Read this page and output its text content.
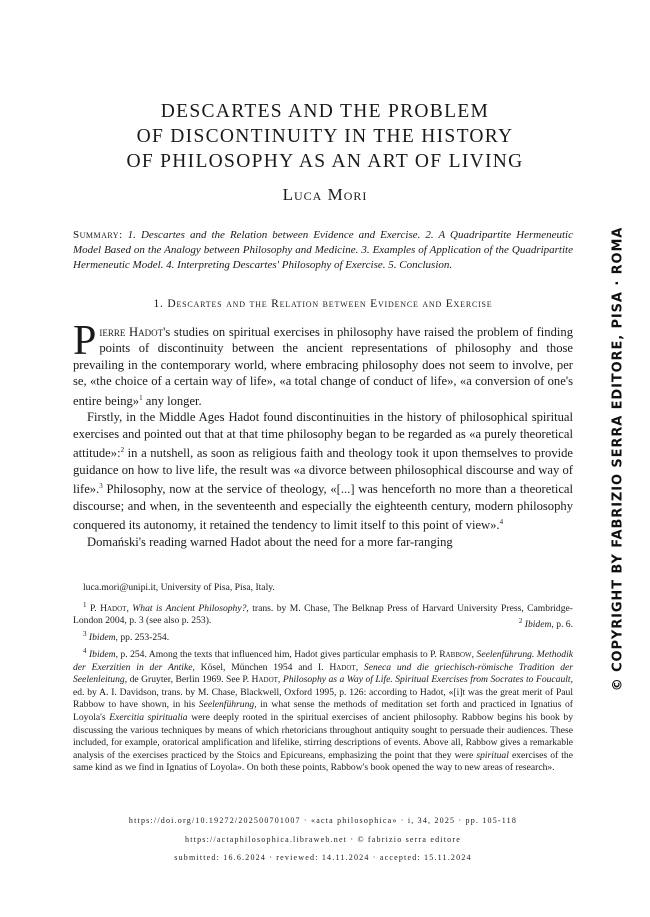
DESCARTES AND THE PROBLEM
OF DISCONTINUITY IN THE HISTORY
OF PHILOSOPHY AS AN ART OF LIVING
Luca Mori
Summary: 1. Descartes and the Relation between Evidence and Exercise. 2. A Quadripartite Hermeneutic Model Based on the Analogy between Philosophy and Medicine. 3. Examples of Application of the Quadripartite Hermeneutic Model. 4. Interpreting Descartes' Philosophy of Exercise. 5. Conclusion.
1. Descartes and the Relation between Evidence and Exercise

Pierre Hadot's studies on spiritual exercises in philosophy have raised the problem of finding points of discontinuity between the ancient representations of philosophy and those prevailing in the contemporary world, where embracing philosophy does not seem to involve, per se, «the choice of a certain way of life», «a total change of conduct of life», «a conversion of one's entire being»$^1$ any longer.

Firstly, in the Middle Ages Hadot found discontinuities in the history of philosophical spiritual exercises and pointed out that at that time philosophy began to be regarded as «a purely theoretical attitude»:$^2$ in a nutshell, as soon as religious faith and theology took it upon themselves to provide guidance on how to live life, the result was «a divorce between philosophical discourse and way of life».$^3$ Philosophy, now at the service of theology, «[...] was henceforth no more than a theoretical discourse; and when, in the seventeenth and especially the eighteenth century, modern philosophy conquered its autonomy, it retained the tendency to limit itself to this point of view».$^4$

Domański's reading warned Hadot about the need for a more far-ranging

luca.mori@unipi.it, University of Pisa, Pisa, Italy.

$^1$ P. Hadot, What is Ancient Philosophy?, trans. by M. Chase, The Belknap Press of Harvard University Press, Cambridge-London 2004, p. 3 (see also p. 253).	$^2$ Ibidem, p. 6.

$^3$ Ibidem, pp. 253-254.

$^4$ Ibidem, p. 254. Among the texts that influenced him, Hadot gives particular emphasis to P. Rabbow, Seelenführung. Methodik der Exerzitien in der Antike, Kösel, München 1954 and I. Hadot, Seneca und die griechisch-römische Tradition der Seelenleitung, de Gruyter, Berlin 1969. See P. Hadot, Philosophy as a Way of Life. Spiritual Exercises from Socrates to Foucault, ed. by A. I. Davidson, trans. by M. Chase, Blackwell, Oxford 1995, p. 126: according to Hadot, «[i]t was the great merit of Paul Rabbow to have shown, in his Seelenführung, in what sense the methods of meditation set forth and practiced in Ignatius of Loyola's Exercitia spiritualia were deeply rooted in the spiritual exercises of ancient philosophy. Rabbow begins his book by discussing the various techniques by means of which rhetoricians throughout antiquity sought to persuade their audiences. These included, for example, oratorical amplification and lifelike, stirring descriptions of events. Above all, Rabbow gives a remarkable analysis of the exercises practiced by the Stoics and Epicureans, emphasizing the point that they were spiritual exercises of the same kind as we find in Ignatius of Loyola». On both these points, Rabbow's book opened the way to new areas of research».

https://doi.org/10.19272/202500701007 · «acta philosophica» · i, 34, 2025 · pp. 105-118
https://actaphilosophica.libraweb.net · © fabrizio serra editore
submitted: 16.6.2024 · reviewed: 14.11.2024 · accepted: 15.11.2024
© COPYRIGHT BY FABRIZIO SERRA EDITORE, PISA · ROMA
